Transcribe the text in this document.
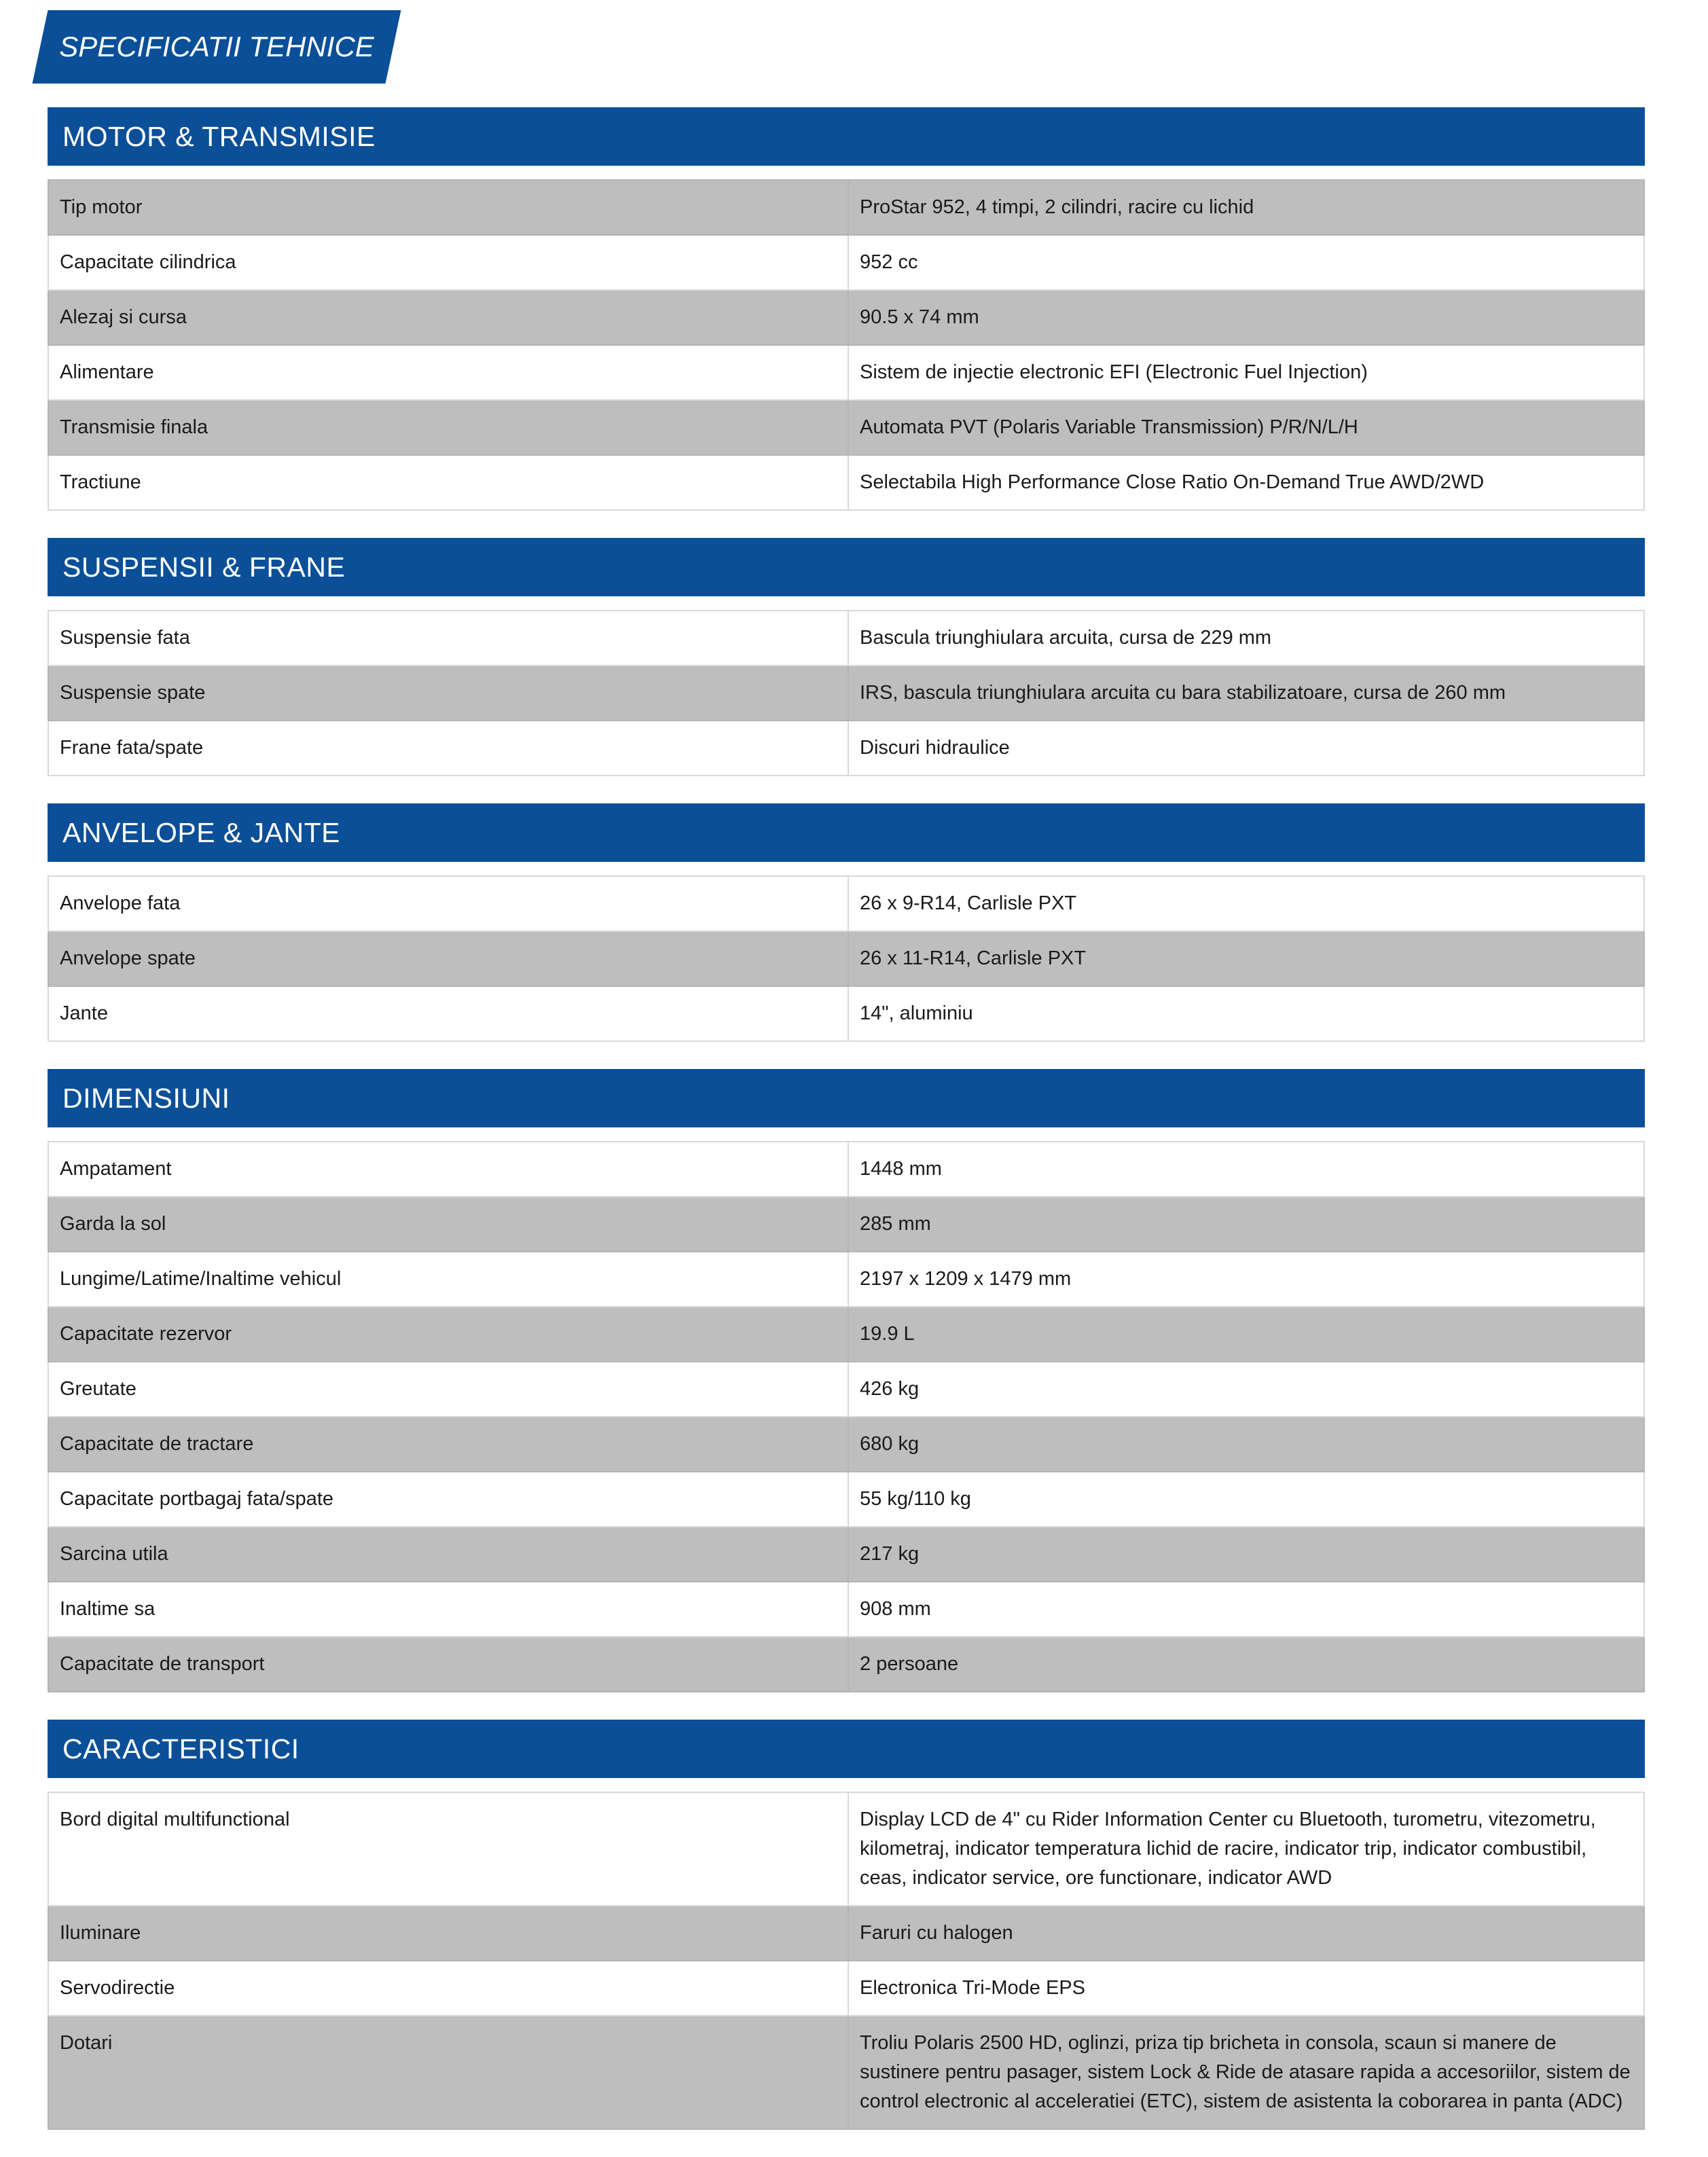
SPECIFICATII TEHNICE
MOTOR & TRANSMISIE
Tip motor	ProStar 952, 4 timpi, 2 cilindri, racire cu lichid
Capacitate cilindrica	952 cc
Alezaj si cursa	90.5 x 74 mm
Alimentare	Sistem de injectie electronic EFI (Electronic Fuel Injection)
Transmisie finala	Automata PVT (Polaris Variable Transmission) P/R/N/L/H
Tractiune	Selectabila High Performance Close Ratio On-Demand True AWD/2WD
SUSPENSII & FRANE
Suspensie fata	Bascula triunghiulara arcuita, cursa de 229 mm
Suspensie spate	IRS, bascula triunghiulara arcuita cu bara stabilizatoare, cursa de 260 mm
Frane fata/spate	Discuri hidraulice
ANVELOPE & JANTE
Anvelope fata	26 x 9-R14, Carlisle PXT
Anvelope spate	26 x 11-R14, Carlisle PXT
Jante	14", aluminiu
DIMENSIUNI
Ampatament	1448 mm
Garda la sol	285 mm
Lungime/Latime/Inaltime vehicul	2197 x 1209 x 1479 mm
Capacitate rezervor	19.9 L
Greutate	426 kg
Capacitate de tractare	680 kg
Capacitate portbagaj fata/spate	55 kg/110 kg
Sarcina utila	217 kg
Inaltime sa	908 mm
Capacitate de transport	2 persoane
CARACTERISTICI
Bord digital multifunctional	Display LCD de 4" cu Rider Information Center cu Bluetooth, turometru, vitezometru, kilometraj, indicator temperatura lichid de racire, indicator trip, indicator combustibil, ceas, indicator service, ore functionare, indicator AWD
Iluminare	Faruri cu halogen
Servodirectie	Electronica Tri-Mode EPS
Dotari	Troliu Polaris 2500 HD, oglinzi, priza tip bricheta in consola, scaun si manere de sustinere pentru pasager, sistem Lock & Ride de atasare rapida a accesoriilor, sistem de control electronic al acceleratiei (ETC), sistem de asistenta la coborarea in panta (ADC)
